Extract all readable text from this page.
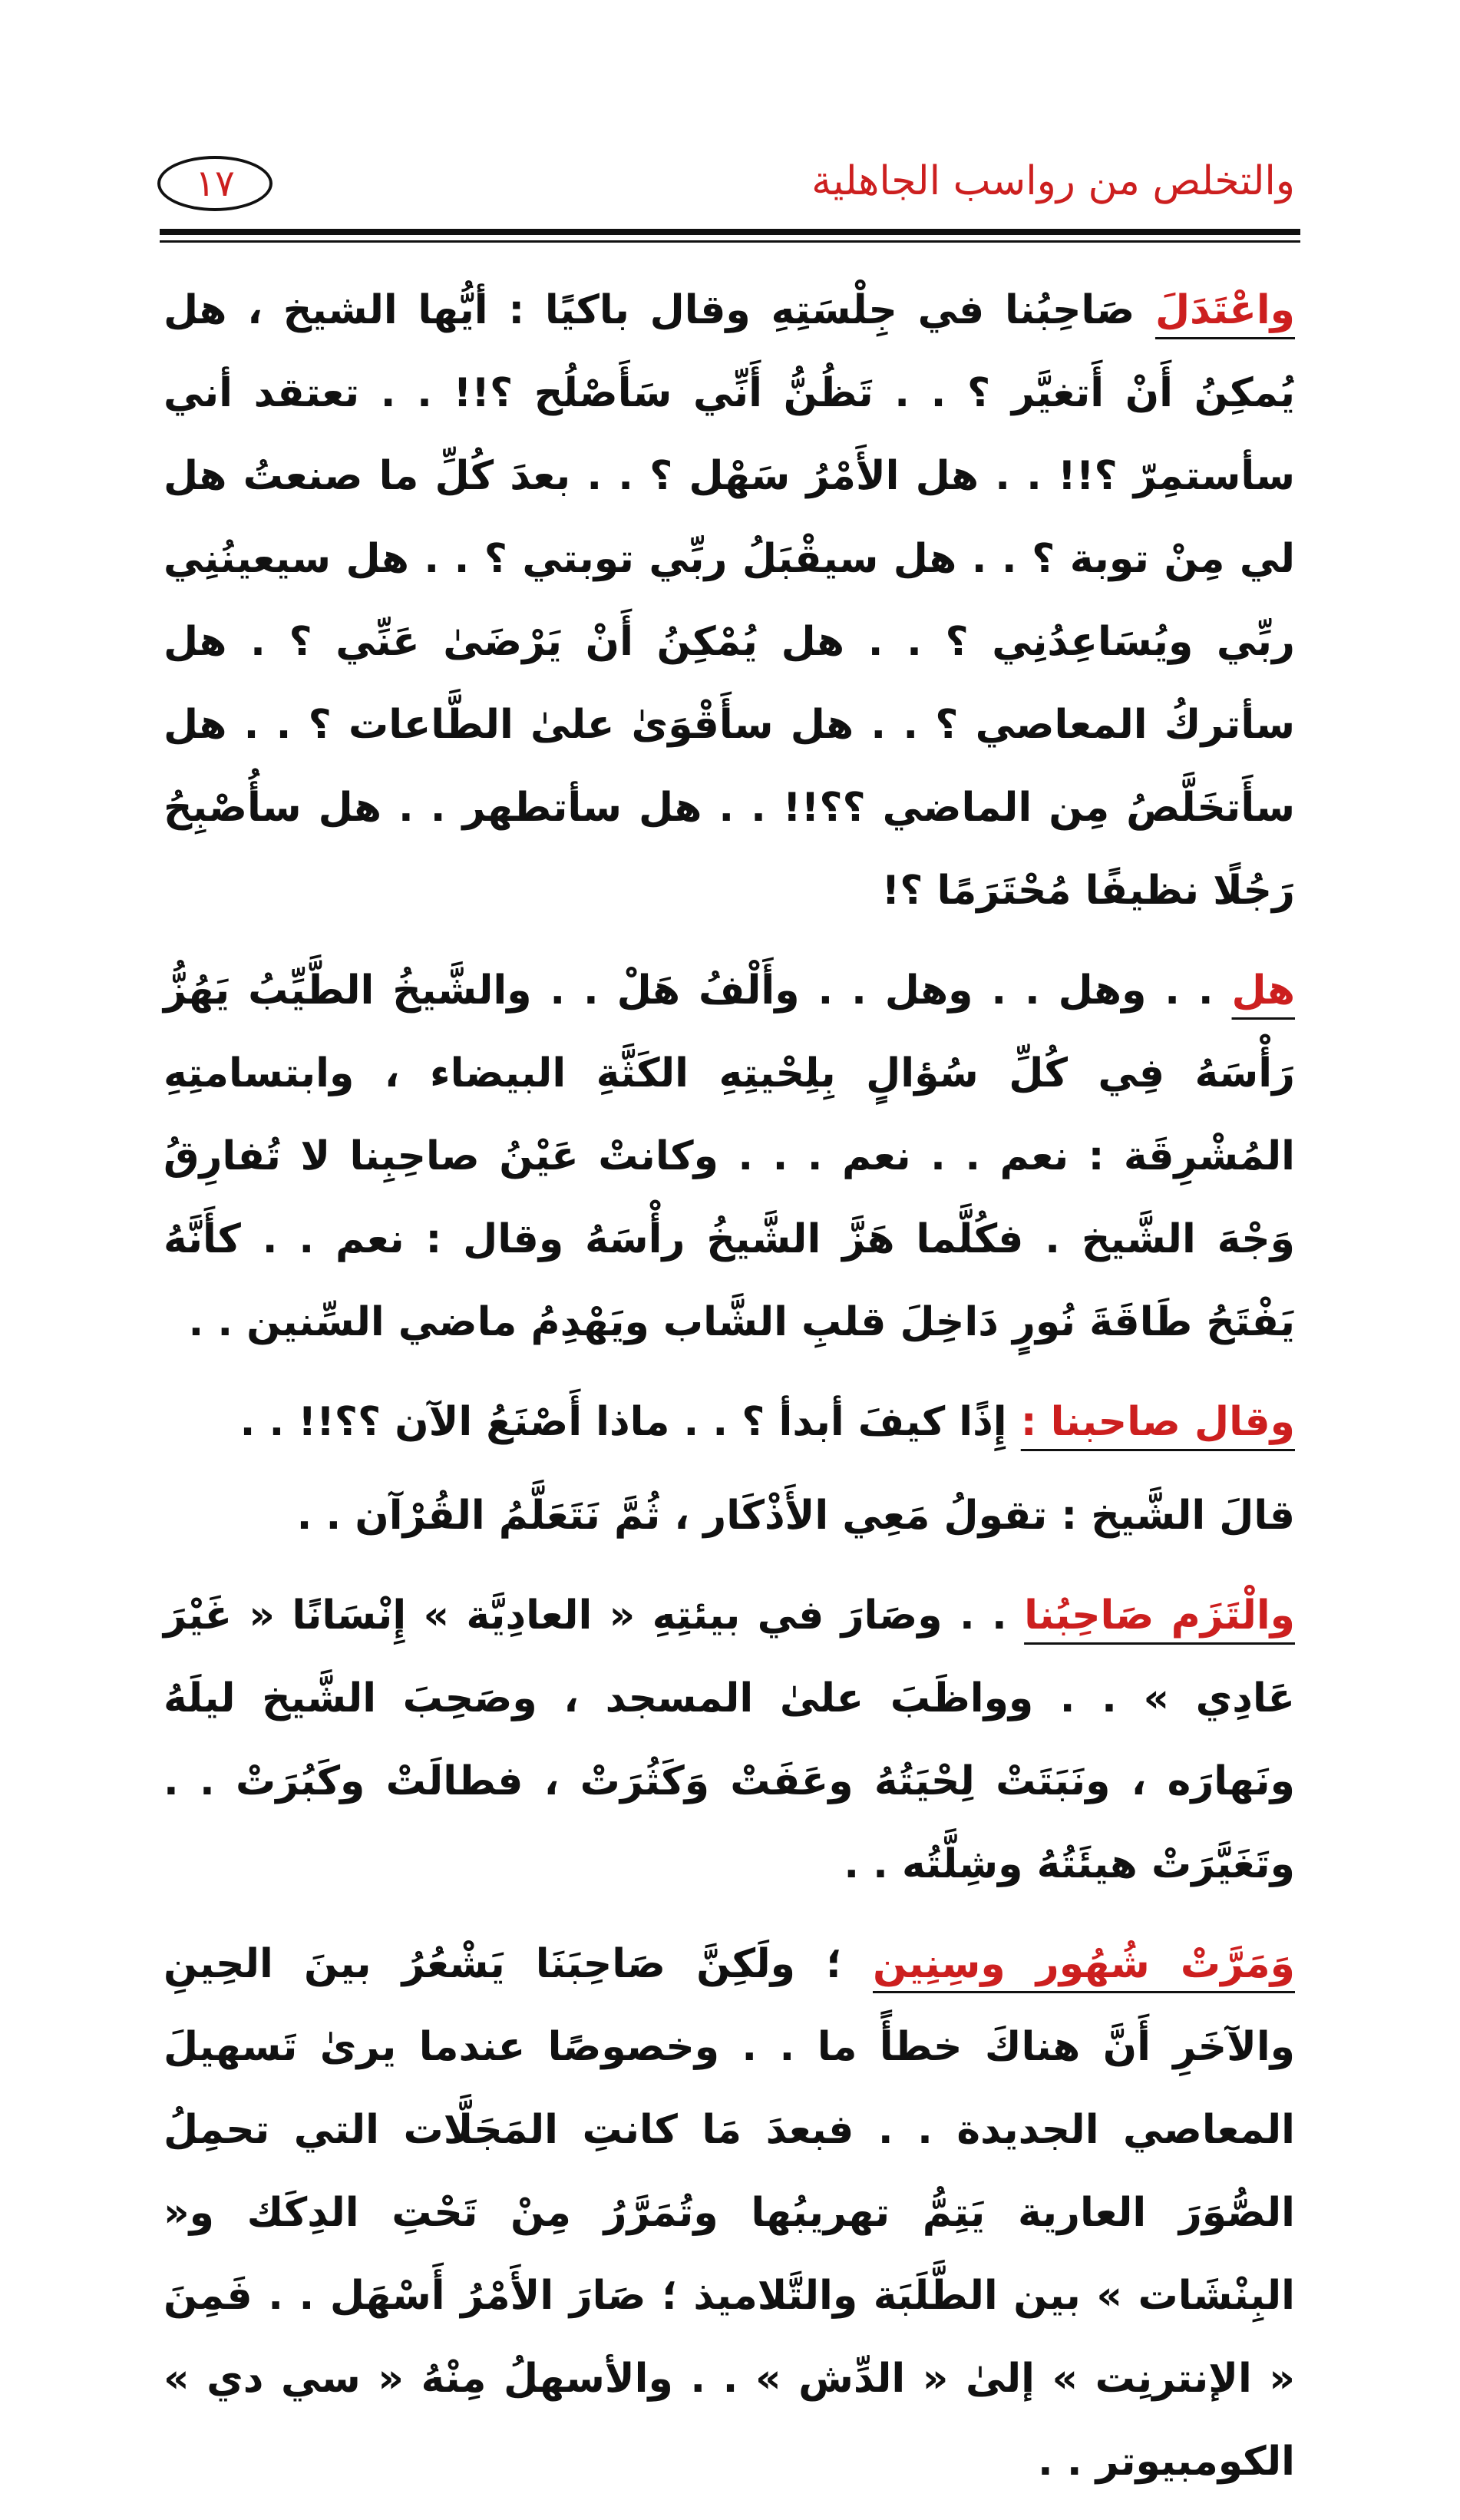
والتخلص من رواسب الجاهلية
١٧

واعْتَدَلَ صَاحِبُنا في جِلْسَتِهِ وقال باكيًا : أيُّها الشيخ ، هل يُمكِنُ أَنْ أَتغيَّر ؟ . . تَظُنُّ أَنِّي سَأَصْلُح ؟!! . . تعتقد أني سأستمِرّ ؟!! . . هل الأَمْرُ سَهْل ؟ . . بعدَ كُلِّ ما صنعتُ هل لي مِنْ توبة ؟ . . هل سيقْبَلُ ربِّي توبتي ؟ . . هل سيعينُنِي ربِّي ويُسَاعِدُنِي ؟ . . هل يُمْكِنُ أَنْ يَرْضَىٰ عَنِّي ؟ . هل سأتركُ المعاصي ؟ . . هل سأَقْوَىٰ علىٰ الطَّاعات ؟ . . هل سأَتخَلَّصُ مِن الماضي ؟؟!! . . هل سأتطهر . . هل سأُصْبِحُ رَجُلًا نظيفًا مُحْتَرَمًا ؟!

هل . . وهل . . وهل . . وأَلْفُ هَلْ . . والشَّيخُ الطَّيِّبُ يَهُزُّ رَأْسَهُ فِي كُلِّ سُؤالٍ بِلِحْيتِهِ الكَثَّةِ البيضاء ، وابتسامتِهِ المُشْرِقَة : نعم . . نعم . . . وكانتْ عَيْنُ صاحِبِنا لا تُفارِقُ وَجْهَ الشَّيخ . فكُلَّما هَزَّ الشَّيخُ رأْسَهُ وقال : نعم . . كأَنَّهُ يَفْتَحُ طَاقَةَ نُورٍ دَاخِلَ قلبِ الشَّاب ويَهْدِمُ ماضي السِّنين . .

وقال صاحبنا : إِذًا كيفَ أبدأ ؟ . . ماذا أَصْنَعُ الآن ؟؟!! . .

قالَ الشَّيخ : تقولُ مَعِي الأَذْكَار ، ثُمَّ نَتَعَلَّمُ القُرْآن . .

والْتَزَم صَاحِبُنا . . وصَارَ في بيئتِهِ « العادِيَّة » إِنْسَانًا « غَيْرَ عَادِي » . . وواظَبَ علىٰ المسجد ، وصَحِبَ الشَّيخ ليلَهُ ونَهارَه ، ونَبَتَتْ لِحْيَتُهُ وعَفَتْ وَكَثُرَتْ ، فطالَتْ وكَبُرَتْ . . وتَغَيَّرَتْ هيئَتُهُ وشِلَّتُه . .

وَمَرَّتْ شُهُور وسِنِين ؛ ولَكِنَّ صَاحِبَنَا يَشْعُرُ بينَ الحِينِ والآخَرِ أَنَّ هناكَ خطأً ما . . وخصوصًا عندما يرىٰ تَسهيلَ المعاصي الجديدة . . فبعدَ مَا كانتِ المَجَلَّات التي تحمِلُ الصُّوَرَ العارية يَتِمُّ تهريبُها وتُمَرَّرُ مِنْ تَحْتِ الدِكَك و« البِنْشَات » بين الطَّلَبَة والتَّلاميذ ؛ صَارَ الأَمْرُ أَسْهَل . . فَمِنَ « الإنترنِت » إلىٰ « الدِّش » . . والأسهلُ مِنْهُ « سي دي » الكومبيوتر . .
